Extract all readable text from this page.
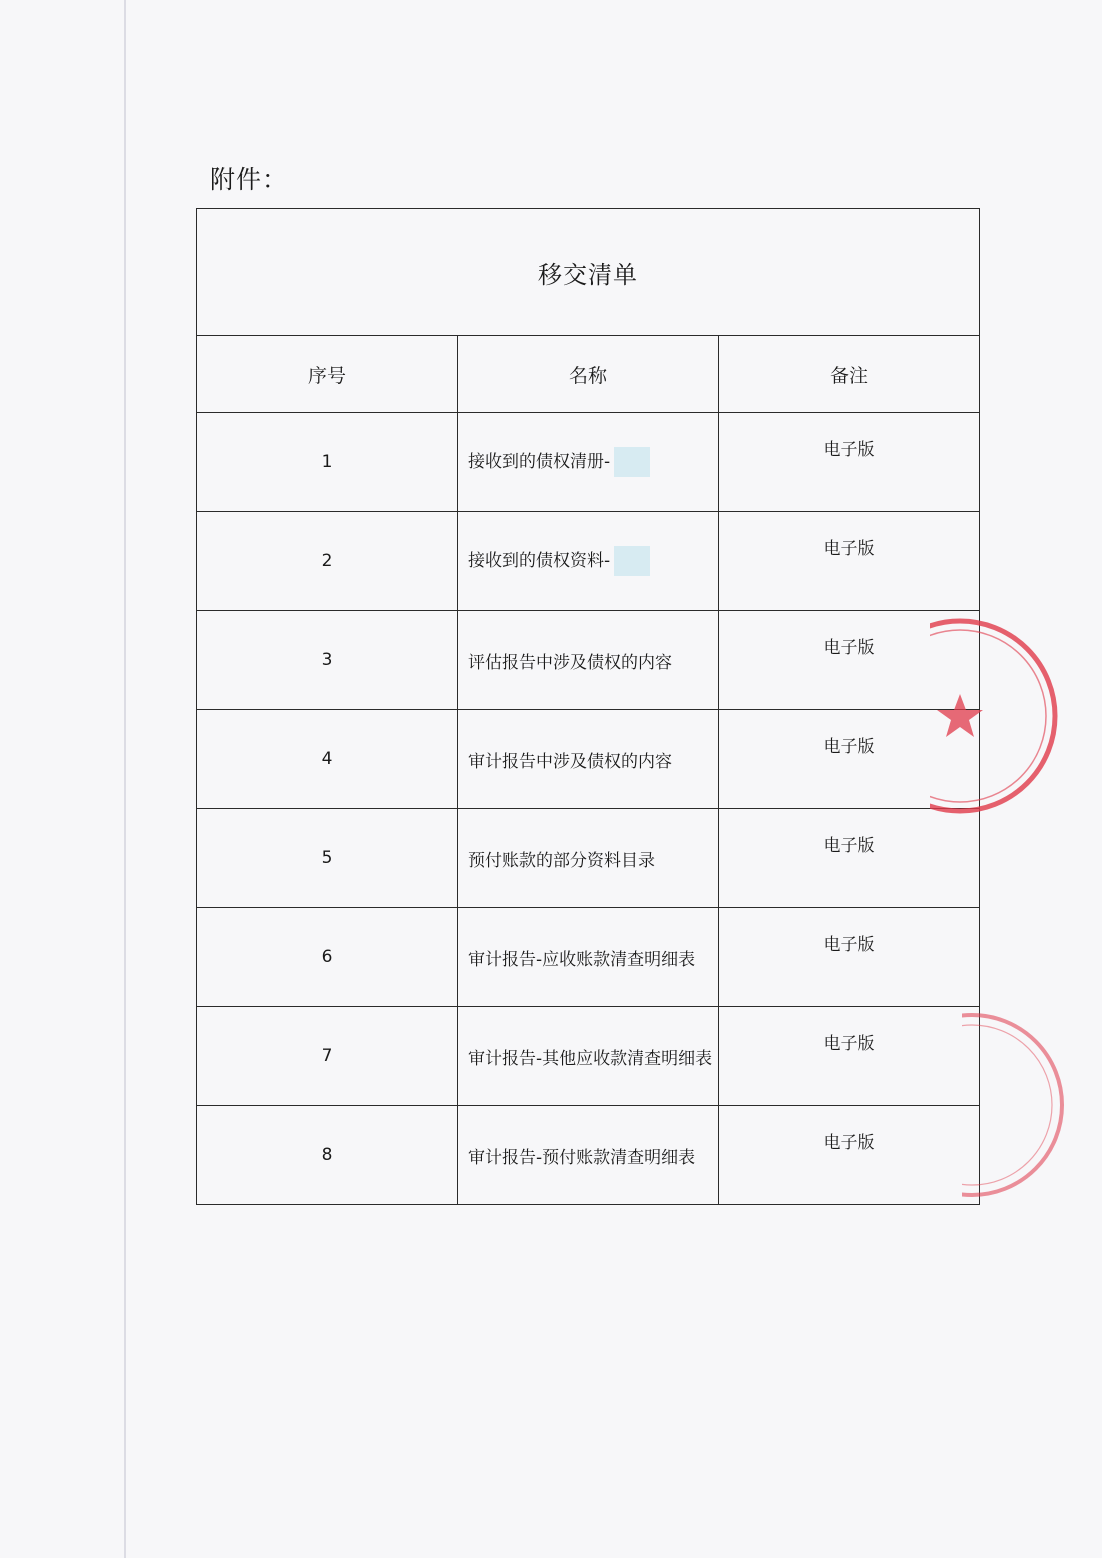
附件：
移交清单		
序号	名称	备注
1	接收到的债权清册-	电子版
2	接收到的债权资料-	电子版
3	评估报告中涉及债权的内容	电子版
4	审计报告中涉及债权的内容	电子版
5	预付账款的部分资料目录	电子版
6	审计报告-应收账款清查明细表	电子版
7	审计报告-其他应收款清查明细表	电子版
8	审计报告-预付账款清查明细表	电子版
